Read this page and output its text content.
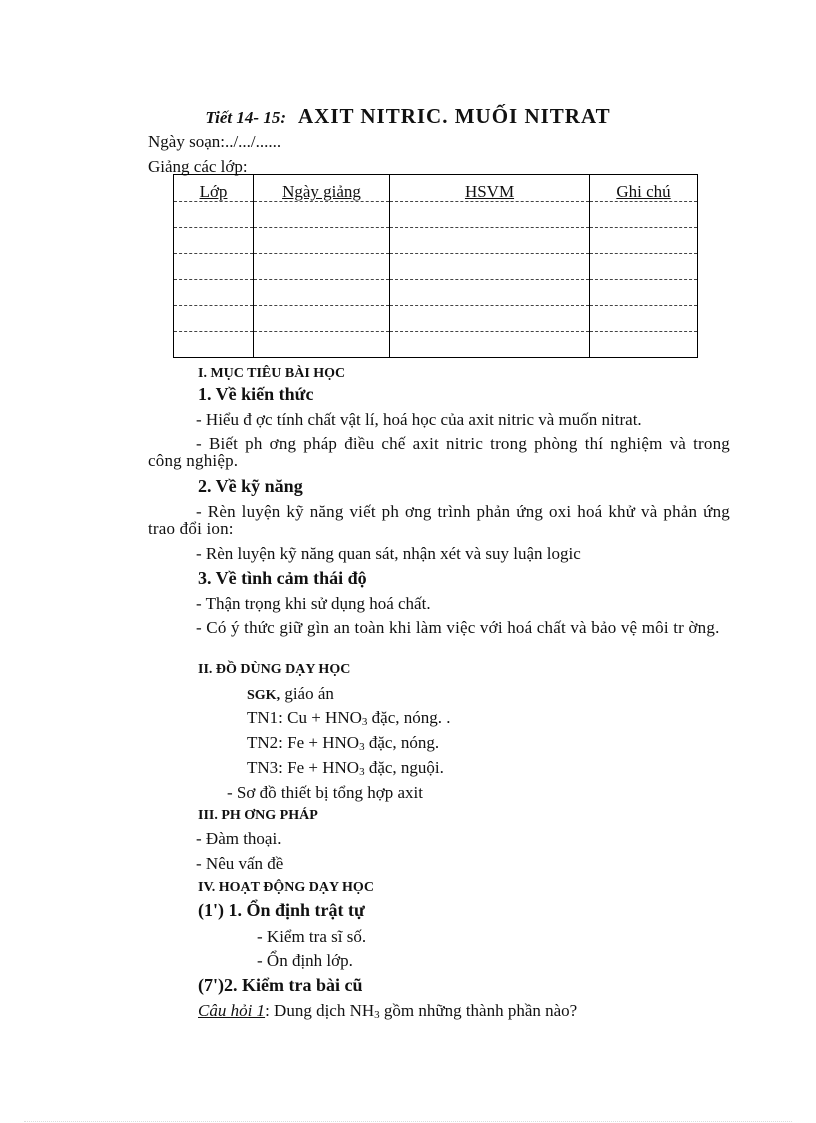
Tiết 14- 15: AXIT NITRIC. MUỐI NITRAT
Ngày soạn:../.../......
Giảng các lớp:
Lớp	Ngày giảng	HSVM	Ghi chú

I. MỤC TIÊU BÀI HỌC
1. Về kiến thức
- Hiểu đ ợc tính chất vật lí, hoá học của axit nitric và muốn nitrat.
- Biết ph ơng pháp điều chế axit nitric trong phòng thí nghiệm và trong công nghiệp.
2. Về kỹ năng
- Rèn luyện kỹ năng viết ph ơng trình phản ứng oxi hoá khử và phản ứng trao đổi ion:
- Rèn luyện kỹ năng quan sát, nhận xét và suy luận logic
3. Về tình cảm thái độ
- Thận trọng khi sử dụng hoá chất.
- Có ý thức giữ gìn an toàn khi làm việc với hoá chất và bảo vệ môi tr ờng.
II. ĐỒ DÙNG DẠY HỌC
SGK, giáo án
TN1: $Cu + HNO_3$ đặc, nóng. .
TN2: $Fe + HNO_3$ đặc, nóng.
TN3: $Fe + HNO_3$ đặc, nguội.
- Sơ đồ thiết bị tổng hợp axit
III. PH ƠNG PHÁP
- Đàm thoại.
- Nêu vấn đề
IV. HOẠT ĐỘNG DẠY HỌC
(1') 1. Ổn định trật tự
- Kiểm tra sĩ số.
- Ổn định lớp.
(7')2. Kiểm tra bài cũ
Câu hỏi 1: Dung dịch $NH_3$ gồm những thành phần nào?
